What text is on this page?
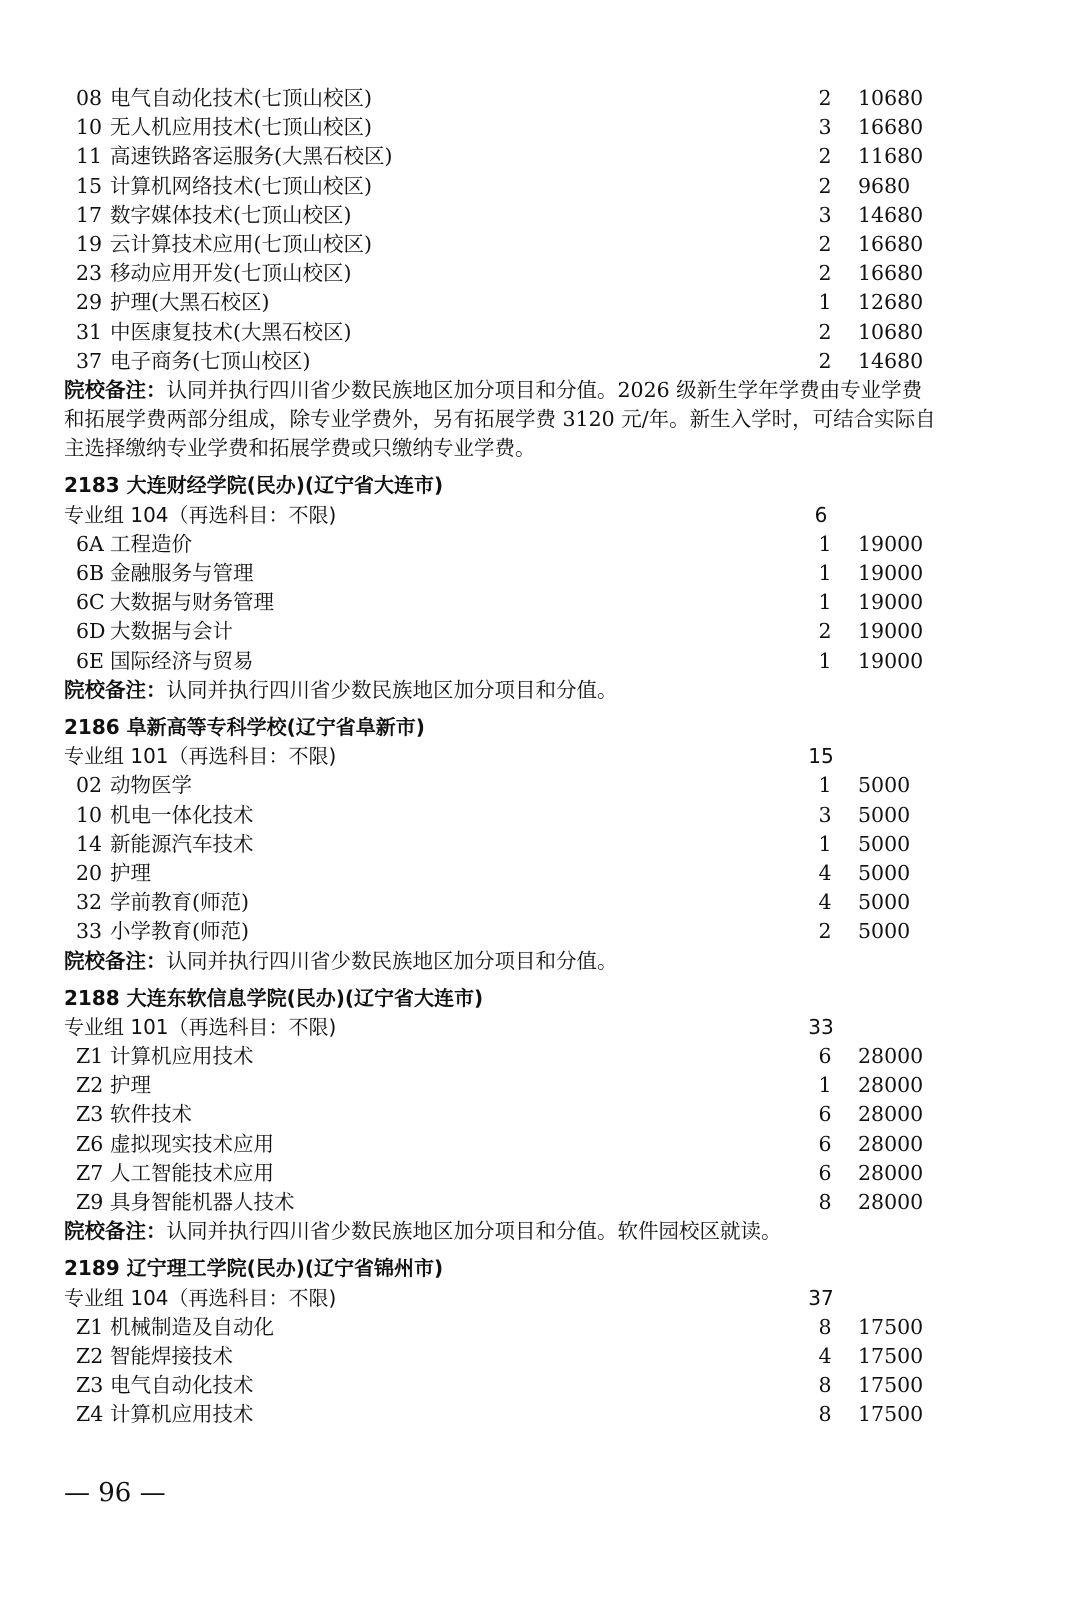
08 电气自动化技术(七顶山校区)	2 10680
10 无人机应用技术(七顶山校区)	3 16680
11 高速铁路客运服务(大黑石校区)	2 11680
15 计算机网络技术(七顶山校区)	2 9680
17 数字媒体技术(七顶山校区)	3 14680
19 云计算技术应用(七顶山校区)	2 16680
23 移动应用开发(七顶山校区)	2 16680
29 护理(大黑石校区)	1 12680
31 中医康复技术(大黑石校区)	2 10680
37 电子商务(七顶山校区)	2 14680
院校备注：认同并执行四川省少数民族地区加分项目和分值。2026 级新生学年学费由专业学费
和拓展学费两部分组成，除专业学费外，另有拓展学费 3120 元/年。新生入学时，可结合实际自
主选择缴纳专业学费和拓展学费或只缴纳专业学费。
2183 大连财经学院(民办)(辽宁省大连市)
专业组 104（再选科目：不限)	6
6A 工程造价	1 19000
6B 金融服务与管理	1 19000
6C 大数据与财务管理	1 19000
6D 大数据与会计	2 19000
6E 国际经济与贸易	1 19000
院校备注：认同并执行四川省少数民族地区加分项目和分值。
2186 阜新高等专科学校(辽宁省阜新市)
专业组 101（再选科目：不限)	15
02 动物医学	1 5000
10 机电一体化技术	3 5000
14 新能源汽车技术	1 5000
20 护理	4 5000
32 学前教育(师范)	4 5000
33 小学教育(师范)	2 5000
院校备注：认同并执行四川省少数民族地区加分项目和分值。
2188 大连东软信息学院(民办)(辽宁省大连市)
专业组 101（再选科目：不限)	33
Z1 计算机应用技术	6 28000
Z2 护理	1 28000
Z3 软件技术	6 28000
Z6 虚拟现实技术应用	6 28000
Z7 人工智能技术应用	6 28000
Z9 具身智能机器人技术	8 28000
院校备注：认同并执行四川省少数民族地区加分项目和分值。软件园校区就读。
2189 辽宁理工学院(民办)(辽宁省锦州市)
专业组 104（再选科目：不限)	37
Z1 机械制造及自动化	8 17500
Z2 智能焊接技术	4 17500
Z3 电气自动化技术	8 17500
Z4 计算机应用技术	8 17500
— 96 —
